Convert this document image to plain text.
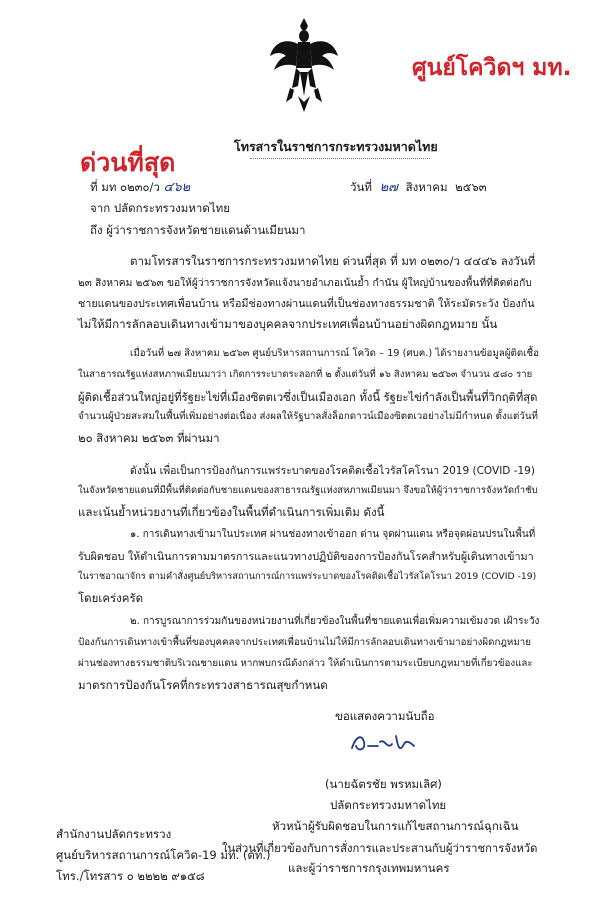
ศูนย์โควิดฯ มท.
โทรสารในราชการกระทรวงมหาดไทย
ด่วนที่สุด
ที่ มท ๐๒๓๐/ว ๔๖๒	วันที่ ๒๗ สิงหาคม ๒๕๖๓
จาก ปลัดกระทรวงมหาดไทย
ถึง ผู้ว่าราชการจังหวัดชายแดนด้านเมียนมา
ตามโทรสารในราชการกระทรวงมหาดไทย ด่วนที่สุด ที่ มท ๐๒๓๐/ว ๔๔๔๖ ลงวันที่
๒๓ สิงหาคม ๒๕๖๓ ขอให้ผู้ว่าราชการจังหวัดแจ้งนายอำเภอเน้นย้ำ กำนัน ผู้ใหญ่บ้านของพื้นที่ที่ติดต่อกับ
ชายแดนของประเทศเพื่อนบ้าน หรือมีช่องทางผ่านแดนที่เป็นช่องทางธรรมชาติ ให้ระมัดระวัง ป้องกัน
ไม่ให้มีการลักลอบเดินทางเข้ามาของบุคคลจากประเทศเพื่อนบ้านอย่างผิดกฎหมาย นั้น
เมื่อวันที่ ๒๗ สิงหาคม ๒๕๖๓ ศูนย์บริหารสถานการณ์ โควิด – 19 (ศบค.) ได้รายงานข้อมูลผู้ติดเชื้อ
ในสาธารณรัฐแห่งสหภาพเมียนมาว่า เกิดการระบาดระลอกที่ ๒ ตั้งแต่วันที่ ๑๖ สิงหาคม ๒๕๖๓ จำนวน ๕๘๐ ราย
ผู้ติดเชื้อส่วนใหญ่อยู่ที่รัฐยะไข่ที่เมืองซิตตเวซึ่งเป็นเมืองเอก ทั้งนี้ รัฐยะไข่กำลังเป็นพื้นที่วิกฤติที่สุด
จำนวนผู้ป่วยสะสมในพื้นที่เพิ่มอย่างต่อเนื่อง ส่งผลให้รัฐบาลสั่งล็อกดาวน์เมืองซิตตเวอย่างไม่มีกำหนด ตั้งแต่วันที่
๒๐ สิงหาคม ๒๕๖๓ ที่ผ่านมา
ดังนั้น เพื่อเป็นการป้องกันการแพร่ระบาดของโรคติดเชื้อไวรัสโคโรนา 2019 (COVID -19)
ในจังหวัดชายแดนที่มีพื้นที่ติดต่อกับชายแดนของสาธารณรัฐแห่งสหภาพเมียนมา จึงขอให้ผู้ว่าราชการจังหวัดกำชับ
และเน้นย้ำหน่วยงานที่เกี่ยวข้องในพื้นที่ดำเนินการเพิ่มเติม ดังนี้
๑. การเดินทางเข้ามาในประเทศ ผ่านช่องทางเข้าออก ด่าน จุดผ่านแดน หรือจุดผ่อนปรนในพื้นที่
รับผิดชอบ ให้ดำเนินการตามมาตรการและแนวทางปฏิบัติของการป้องกันโรคสำหรับผู้เดินทางเข้ามา
ในราชอาณาจักร ตามคำสั่งศูนย์บริหารสถานการณ์การแพร่ระบาดของโรคติดเชื้อไวรัสโคโรนา 2019 (COVID -19)
โดยเคร่งครัด
๒. การบูรณาการร่วมกันของหน่วยงานที่เกี่ยวข้องในพื้นที่ชายแดนเพื่อเพิ่มความเข้มงวด เฝ้าระวัง
ป้องกันการเดินทางเข้าพื้นที่ของบุคคลจากประเทศเพื่อนบ้านไม่ให้มีการลักลอบเดินทางเข้ามาอย่างผิดกฎหมาย
ผ่านช่องทางธรรมชาติบริเวณชายแดน หากพบกรณีดังกล่าว ให้ดำเนินการตามระเบียบกฎหมายที่เกี่ยวข้องและ
มาตรการป้องกันโรคที่กระทรวงสาธารณสุขกำหนด
ขอแสดงความนับถือ
(นายฉัตรชัย พรหมเลิศ)
ปลัดกระทรวงมหาดไทย
หัวหน้าผู้รับผิดชอบในการแก้ไขสถานการณ์ฉุกเฉิน
ในส่วนที่เกี่ยวข้องกับการสั่งการและประสานกับผู้ว่าราชการจังหวัด
และผู้ว่าราชการกรุงเทพมหานคร
สำนักงานปลัดกระทรวง
ศูนย์บริหารสถานการณ์โควิด-19 มท. (ตท.)
โทร./โทรสาร ๐ ๒๒๒๒ ๙๑๕๘
